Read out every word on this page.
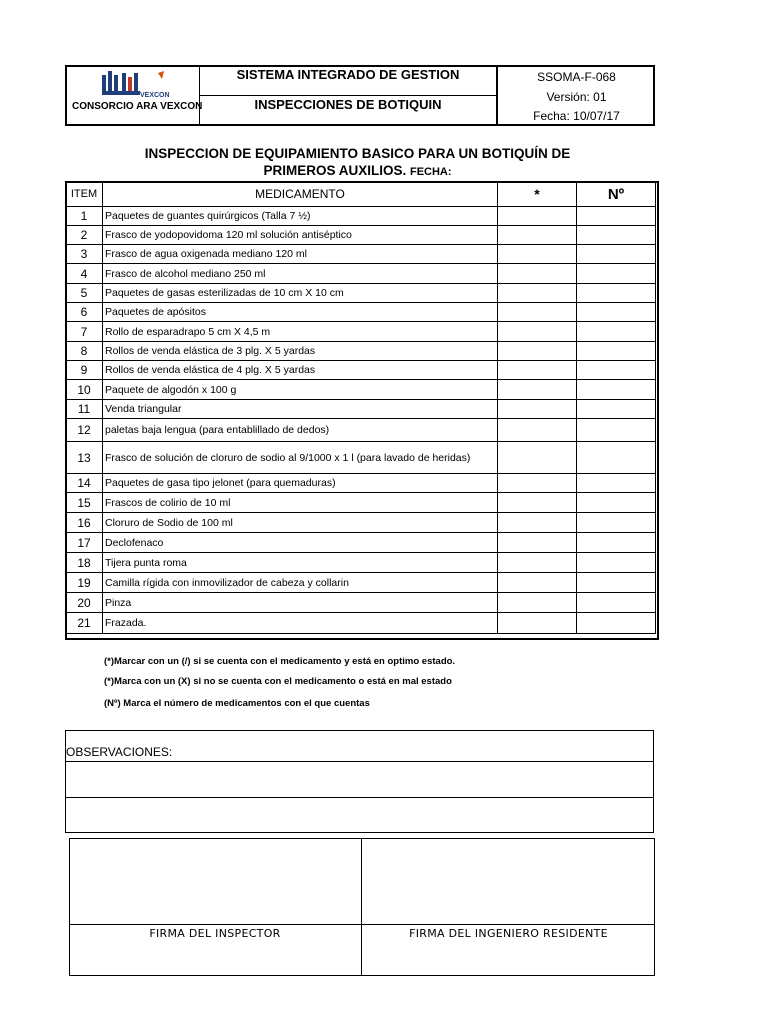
VEXCON
CONSORCIO ARA VEXCON
SISTEMA INTEGRADO DE GESTION
INSPECCIONES DE BOTIQUIN
SSOMA-F-068
Versión: 01
Fecha: 10/07/17
INSPECCION DE EQUIPAMIENTO BASICO PARA UN BOTIQUÍN DE
PRIMEROS AUXILIOS. FECHA:
ITEM	MEDICAMENTO	*	Nº
1	Paquetes de guantes quirúrgicos (Talla 7 ½)		
2	Frasco de yodopovidoma 120 ml solución antiséptico		
3	Frasco de agua oxigenada mediano 120 ml		
4	Frasco de alcohol mediano 250 ml		
5	Paquetes de gasas esterilizadas de 10 cm X 10 cm		
6	Paquetes de apósitos		
7	Rollo de esparadrapo 5 cm X 4,5 m		
8	Rollos de venda elástica de 3 plg. X 5 yardas		
9	Rollos de venda elástica de 4 plg. X 5 yardas		
10	Paquete de algodón x 100 g		
11	Venda triangular		
12	paletas baja lengua (para entablillado de dedos)		
13	Frasco de solución de cloruro de sodio al 9/1000 x 1 l (para lavado de heridas)		
14	Paquetes de gasa tipo jelonet (para quemaduras)		
15	Frascos de colirio de 10 ml		
16	Cloruro de Sodio de 100 ml		
17	Declofenaco		
18	Tijera punta roma		
19	Camilla rígida con inmovilizador de cabeza y collarin		
20	Pinza		
21	Frazada.		
(*)Marcar con un (/) si se cuenta con el medicamento y está en optimo estado.
(*)Marca con un (X) si no se cuenta con el medicamento o está en mal estado
(Nº) Marca el número de medicamentos con el que cuentas
OBSERVACIONES:
FIRMA DEL INSPECTOR	FIRMA DEL INGENIERO RESIDENTE
